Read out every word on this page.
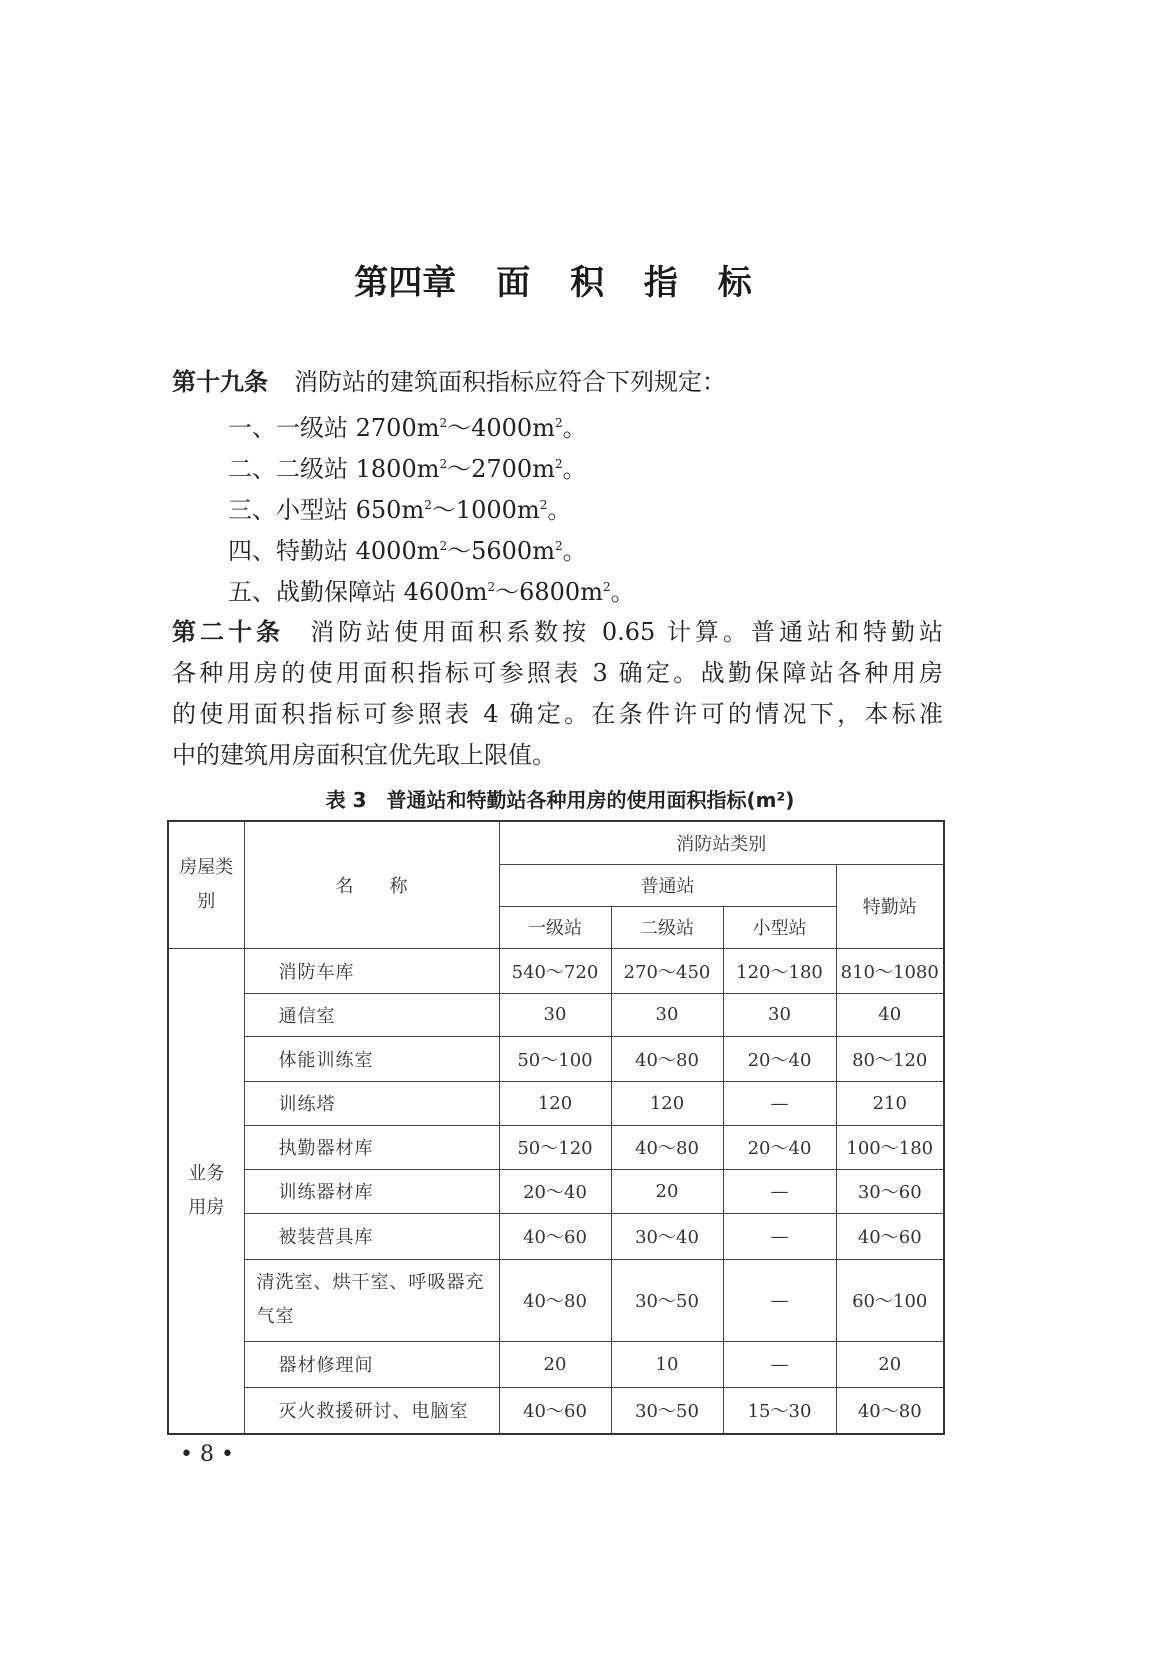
第四章 面 积 指 标
第十九条 消防站的建筑面积指标应符合下列规定：
一、一级站 $2700m^2\sim 4000m^2$。
二、二级站 $1800m^2\sim 2700m^2$。
三、小型站 $650m^2\sim 1000m^2$。
四、特勤站 $4000m^2\sim 5600m^2$。
五、战勤保障站 $4600m^2\sim 6800m^2$。
第二十条 消防站使用面积系数按 0.65 计算。普通站和特勤站
各种用房的使用面积指标可参照表 3 确定。战勤保障站各种用房
的使用面积指标可参照表 4 确定。在条件许可的情况下，本标准
中的建筑用房面积宜优先取上限值。
表 3　普通站和特勤站各种用房的使用面积指标(m²)
房屋类别	名　　称	消防站类别			
		普通站			特勤站
		一级站	二级站	小型站	
业务用房	消防车库	540～720	270～450	120～180	810～1080
	通信室	30	30	30	40
	体能训练室	50～100	40～80	20～40	80～120
	训练塔	120	120	—	210
	执勤器材库	50～120	40～80	20～40	100～180
	训练器材库	20～40	20	—	30～60
	被装营具库	40～60	30～40	—	40～60
	清洗室、烘干室、呼吸器充气室	40～80	30～50	—	60～100
	器材修理间	20	10	—	20
	灭火救援研讨、电脑室	40～60	30～50	15～30	40～80
• 8 •
